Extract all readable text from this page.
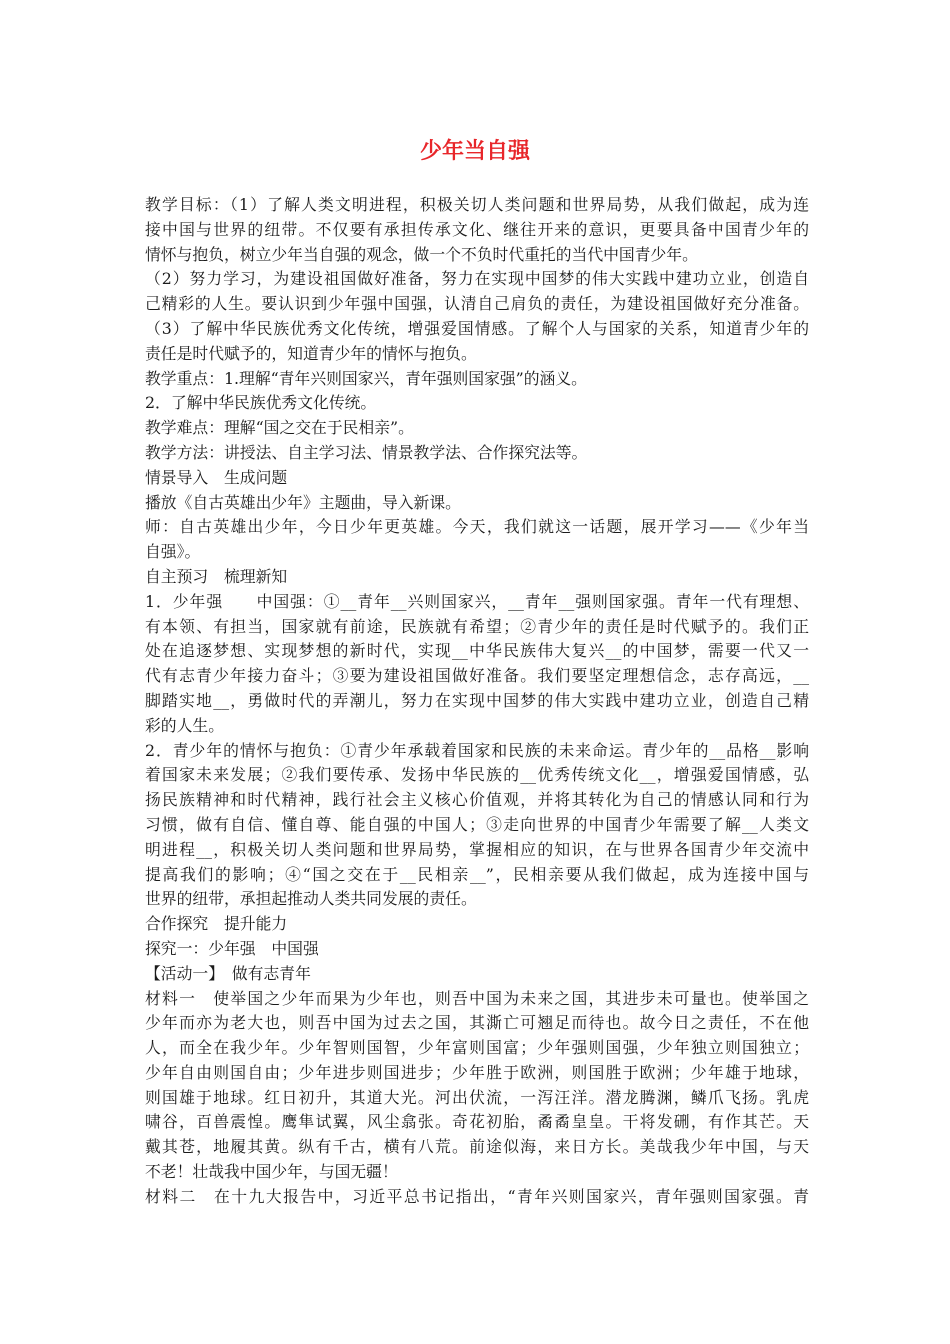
少年当自强
教学目标：（1）了解人类文明进程，积极关切人类问题和世界局势，从我们做起，成为连
接中国与世界的纽带。不仅要有承担传承文化、继往开来的意识，更要具备中国青少年的
情怀与抱负，树立少年当自强的观念，做一个不负时代重托的当代中国青少年。
（2）努力学习，为建设祖国做好准备，努力在实现中国梦的伟大实践中建功立业，创造自
己精彩的人生。要认识到少年强中国强，认清自己肩负的责任，为建设祖国做好充分准备。
（3）了解中华民族优秀文化传统，增强爱国情感。了解个人与国家的关系，知道青少年的
责任是时代赋予的，知道青少年的情怀与抱负。
教学重点：1.理解“青年兴则国家兴，青年强则国家强”的涵义。
2．了解中华民族优秀文化传统。
教学难点：理解“国之交在于民相亲”。
教学方法：讲授法、自主学习法、情景教学法、合作探究法等。
情景导入　生成问题
播放《自古英雄出少年》主题曲，导入新课。
师：自古英雄出少年，今日少年更英雄。今天，我们就这一话题，展开学习——《少年当
自强》。
自主预习　梳理新知
1．少年强　　中国强：①__青年__兴则国家兴，__青年__强则国家强。青年一代有理想、
有本领、有担当，国家就有前途，民族就有希望；②青少年的责任是时代赋予的。我们正
处在追逐梦想、实现梦想的新时代，实现__中华民族伟大复兴__的中国梦，需要一代又一
代有志青少年接力奋斗；③要为建设祖国做好准备。我们要坚定理想信念，志存高远，__
脚踏实地__，勇做时代的弄潮儿，努力在实现中国梦的伟大实践中建功立业，创造自己精
彩的人生。
2．青少年的情怀与抱负：①青少年承载着国家和民族的未来命运。青少年的__品格__影响
着国家未来发展；②我们要传承、发扬中华民族的__优秀传统文化__，增强爱国情感，弘
扬民族精神和时代精神，践行社会主义核心价值观，并将其转化为自己的情感认同和行为
习惯，做有自信、懂自尊、能自强的中国人；③走向世界的中国青少年需要了解__人类文
明进程__，积极关切人类问题和世界局势，掌握相应的知识，在与世界各国青少年交流中
提高我们的影响；④“国之交在于__民相亲__”，民相亲要从我们做起，成为连接中国与
世界的纽带，承担起推动人类共同发展的责任。
合作探究　提升能力
探究一：少年强　中国强
【活动一】　做有志青年
材料一　使举国之少年而果为少年也，则吾中国为未来之国，其进步未可量也。使举国之
少年而亦为老大也，则吾中国为过去之国，其澌亡可翘足而待也。故今日之责任，不在他
人，而全在我少年。少年智则国智，少年富则国富；少年强则国强，少年独立则国独立；
少年自由则国自由；少年进步则国进步；少年胜于欧洲，则国胜于欧洲；少年雄于地球，
则国雄于地球。红日初升，其道大光。河出伏流，一泻汪洋。潜龙腾渊，鳞爪飞扬。乳虎
啸谷，百兽震惶。鹰隼试翼，风尘翕张。奇花初胎，矞矞皇皇。干将发硎，有作其芒。天
戴其苍，地履其黄。纵有千古，横有八荒。前途似海，来日方长。美哉我少年中国，与天
不老！壮哉我中国少年，与国无疆！
材料二　在十九大报告中，习近平总书记指出，“青年兴则国家兴，青年强则国家强。青
